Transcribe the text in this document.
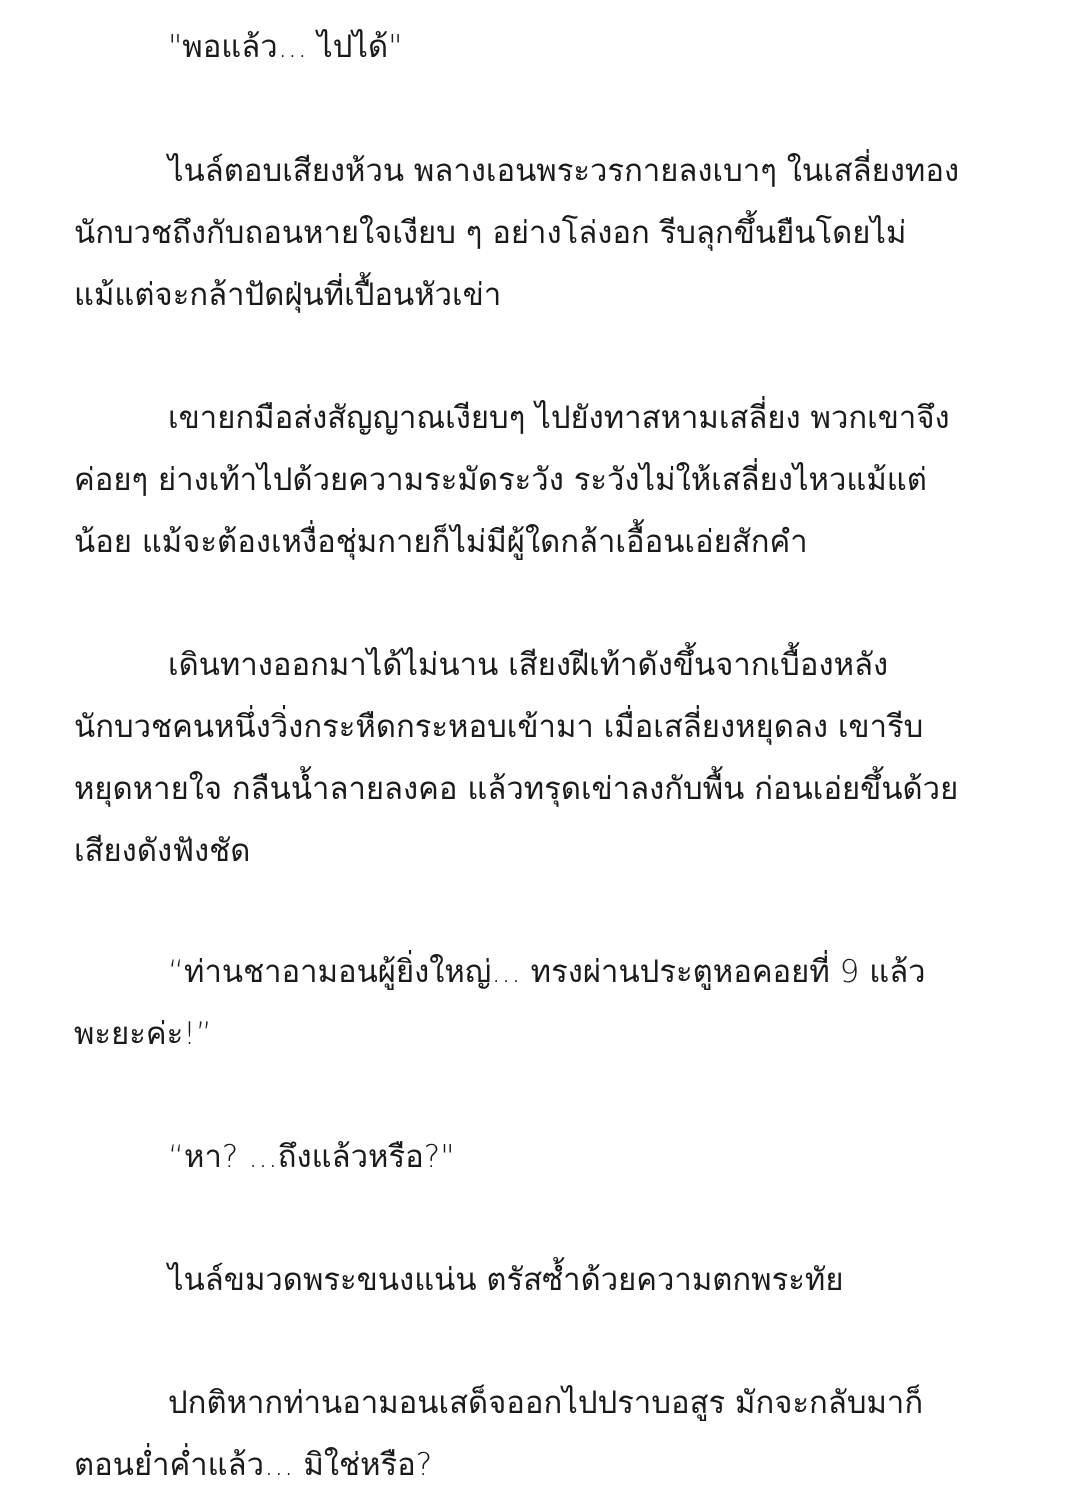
"พอแล้ว... ไปได้"

ไนล์ตอบเสียงห้วน พลางเอนพระวรกายลงเบาๆ ในเสลี่ยงทอง
นักบวชถึงกับถอนหายใจเงียบ ๆ อย่างโล่งอก รีบลุกขึ้นยืนโดยไม่
แม้แต่จะกล้าปัดฝุ่นที่เปื้อนหัวเข่า

เขายกมือส่งสัญญาณเงียบๆ ไปยังทาสหามเสลี่ยง พวกเขาจึง
ค่อยๆ ย่างเท้าไปด้วยความระมัดระวัง ระวังไม่ให้เสลี่ยงไหวแม้แต่
น้อย แม้จะต้องเหงื่อชุ่มกายก็ไม่มีผู้ใดกล้าเอื้อนเอ่ยสักคำ

เดินทางออกมาได้ไม่นาน เสียงฝีเท้าดังขึ้นจากเบื้องหลัง
นักบวชคนหนึ่งวิ่งกระหืดกระหอบเข้ามา เมื่อเสลี่ยงหยุดลง เขารีบ
หยุดหายใจ กลืนน้ำลายลงคอ แล้วทรุดเข่าลงกับพื้น ก่อนเอ่ยขึ้นด้วย
เสียงดังฟังชัด

“ท่านชาอามอนผู้ยิ่งใหญ่... ทรงผ่านประตูหอคอยที่ 9 แล้ว
พะยะค่ะ!”

“หา? ...ถึงแล้วหรือ?"

ไนล์ขมวดพระขนงแน่น ตรัสซ้ำด้วยความตกพระทัย

ปกติหากท่านอามอนเสด็จออกไปปราบอสูร มักจะกลับมาก็
ตอนย่ำค่ำแล้ว... มิใช่หรือ?
